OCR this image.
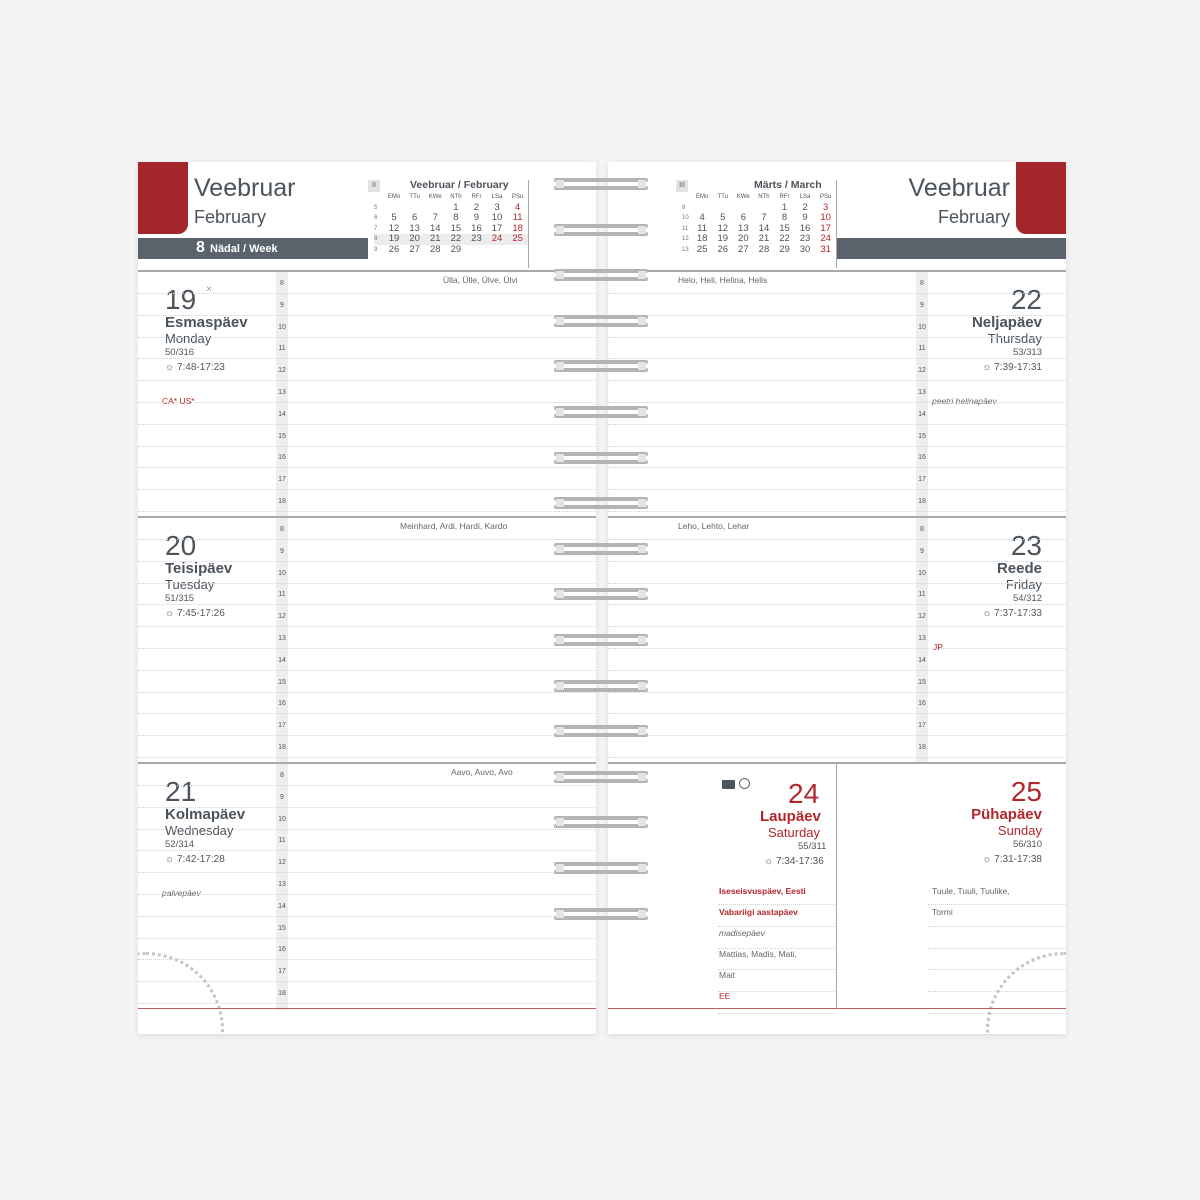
Veebruar
February
8 Nädal / Week
II	Veebruar / February
	EMo	TTu	KWe	NTh	RFr	LSa	PSu
5				1	2	3	4
6	5	6	7	8	9	10	11
7	12	13	14	15	16	17	18
8	19	20	21	22	23	24	25
9	26	27	28	29			
19 ×
Esmaspäev
Monday
50/316
☼ 7:48-17:23
CA* US*
Ülla, Ülle, Ülve, Ülvi
8
9
10
11
12
13
14
15
16
17
18
20
Teisipäev
Tuesday
51/315
☼ 7:45-17:26
Meinhard, Ardi, Hardi, Kardo
8
9
10
11
12
13
14
15
16
17
18
21
Kolmapäev
Wednesday
52/314
☼ 7:42-17:28
palvepäev
Aavo, Auvo, Avo
8
9
10
11
12
13
14
15
16
17
18
Veebruar
February
III	Märts / March
	EMo	TTu	KWe	NTh	RFr	LSa	PSu
9					1	2	3
10	4	5	6	7	8	9	10
11	11	12	13	14	15	16	17
12	18	19	20	21	22	23	24
13	25	26	27	28	29	30	31
22
Neljapäev
Thursday
53/313
☼ 7:39-17:31
peetri helinapäev
Helo, Heli, Helina, Helis	8
9
10
11
12
13
14
15
16
17
18
23
Reede
Friday
54/312
☼ 7:37-17:33
JP
Leho, Lehto, Lehar	8
9
10
11
12
13
14
15
16
17
18
24
Laupäev
Saturday
55/311
☼ 7:34-17:36
Iseseisvuspäev, Eesti
Vabariigi aastapäev
madisepäev
Mattias, Madis, Mati,
Mait
EE
25
Pühapäev
Sunday
56/310
☼ 7:31-17:38
Tuule, Tuuli, Tuulike,
Tormi
